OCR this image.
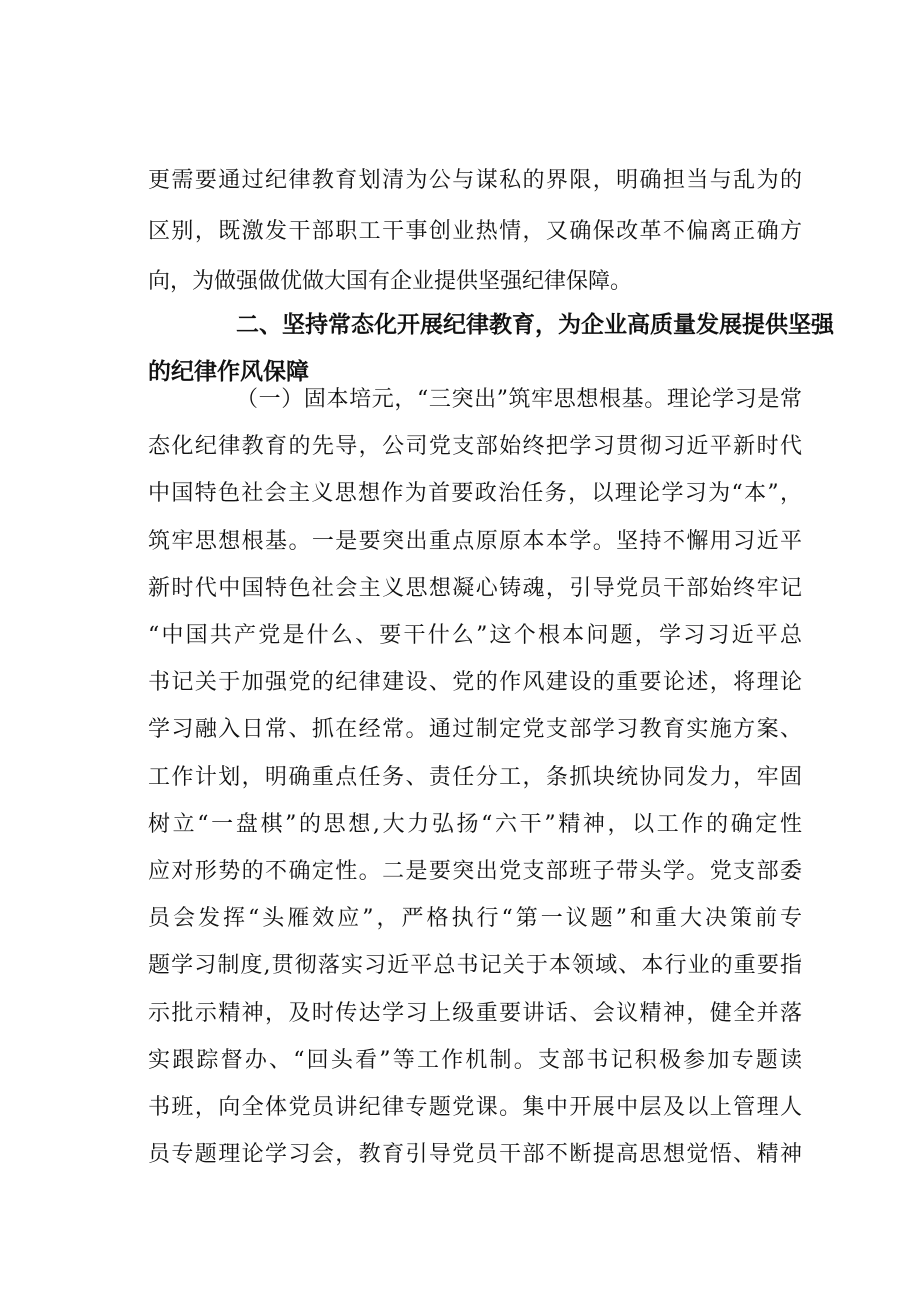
更需要通过纪律教育划清为公与谋私的界限，明确担当与乱为的
区别，既激发干部职工干事创业热情，又确保改革不偏离正确方
向，为做强做优做大国有企业提供坚强纪律保障。
二、坚持常态化开展纪律教育，为企业高质量发展提供坚强
的纪律作风保障
（一）固本培元，“三突出”筑牢思想根基。理论学习是常
态化纪律教育的先导，公司党支部始终把学习贯彻习近平新时代
中国特色社会主义思想作为首要政治任务，以理论学习为“本”，
筑牢思想根基。一是要突出重点原原本本学。坚持不懈用习近平
新时代中国特色社会主义思想凝心铸魂，引导党员干部始终牢记
“中国共产党是什么、要干什么”这个根本问题，学习习近平总
书记关于加强党的纪律建设、党的作风建设的重要论述，将理论
学习融入日常、抓在经常。通过制定党支部学习教育实施方案、
工作计划，明确重点任务、责任分工，条抓块统协同发力，牢固
树立“一盘棋”的思想,大力弘扬“六干”精神，以工作的确定性
应对形势的不确定性。二是要突出党支部班子带头学。党支部委
员会发挥“头雁效应”，严格执行“第一议题”和重大决策前专
题学习制度,贯彻落实习近平总书记关于本领域、本行业的重要指
示批示精神，及时传达学习上级重要讲话、会议精神，健全并落
实跟踪督办、“回头看”等工作机制。支部书记积极参加专题读
书班，向全体党员讲纪律专题党课。集中开展中层及以上管理人
员专题理论学习会，教育引导党员干部不断提高思想觉悟、精神
